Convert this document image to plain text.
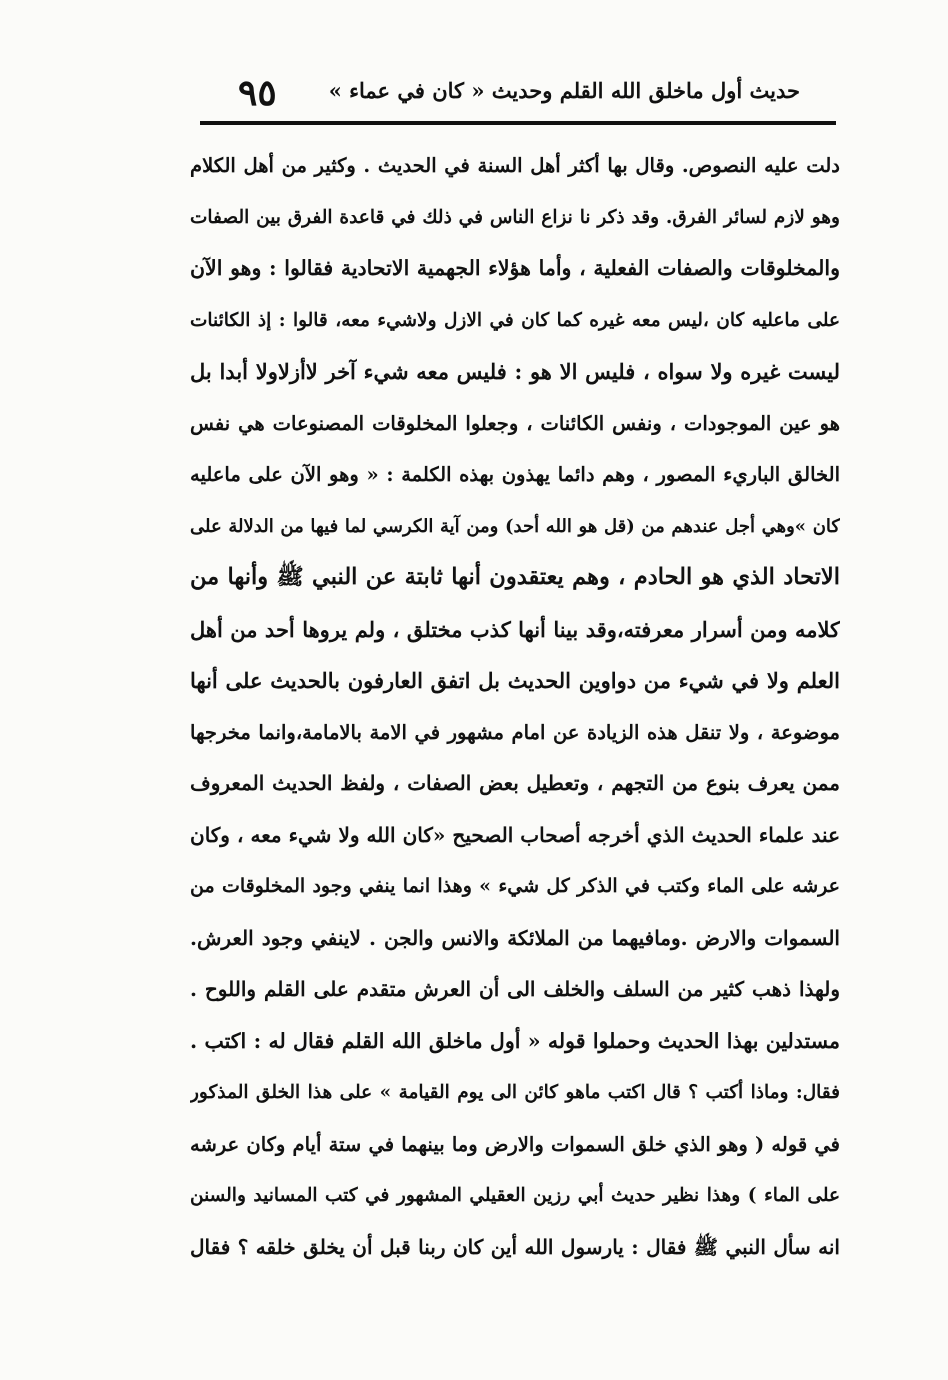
حديث أول ماخلق الله القلم وحديث « كان في عماء »
٩٥
دلت عليه النصوص. وقال بها أكثر أهل السنة في الحديث . وكثير من أهل الكلام
وهو لازم لسائر الفرق. وقد ذكر نا نزاع الناس في ذلك في قاعدة الفرق بين الصفات
والمخلوقات والصفات الفعلية ، وأما هؤلاء الجهمية الاتحادية فقالوا : وهو الآن
على ماعليه كان ،ليس معه غيره كما كان في الازل ولاشيء معه، قالوا : إذ الكائنات
ليست غيره ولا سواه ، فليس الا هو : فليس معه شيء آخر لاأزلاولا أبدا بل
هو عين الموجودات ، ونفس الكائنات ، وجعلوا المخلوقات المصنوعات هي نفس
الخالق الباريء المصور ، وهم دائما يهذون بهذه الكلمة : « وهو الآن على ماعليه
كان »وهي أجل عندهم من (قل هو الله أحد) ومن آية الكرسي لما فيها من الدلالة على
الاتحاد الذي هو الحادم ، وهم يعتقدون أنها ثابتة عن النبي ﷺ وأنها من
كلامه ومن أسرار معرفته،وقد بينا أنها كذب مختلق ، ولم يروها أحد من أهل
العلم ولا في شيء من دواوين الحديث بل اتفق العارفون بالحديث على أنها
موضوعة ، ولا تنقل هذه الزيادة عن امام مشهور في الامة بالامامة،وانما مخرجها
ممن يعرف بنوع من التجهم ، وتعطيل بعض الصفات ، ولفظ الحديث المعروف
عند علماء الحديث الذي أخرجه أصحاب الصحيح «كان الله ولا شيء معه ، وكان
عرشه على الماء وكتب في الذكر كل شيء » وهذا انما ينفي وجود المخلوقات من
السموات والارض .ومافيهما من الملائكة والانس والجن . لاينفي وجود العرش.
ولهذا ذهب كثير من السلف والخلف الى أن العرش متقدم على القلم واللوح .
مستدلين بهذا الحديث وحملوا قوله « أول ماخلق الله القلم فقال له : اكتب .
فقال: وماذا أكتب ؟ قال اكتب ماهو كائن الى يوم القيامة » على هذا الخلق المذكور
في قوله ( وهو الذي خلق السموات والارض وما بينهما في ستة أيام وكان عرشه
على الماء ) وهذا نظير حديث أبي رزين العقيلي المشهور في كتب المسانيد والسنن
انه سأل النبي ﷺ فقال : يارسول الله أين كان ربنا قبل أن يخلق خلقه ؟ فقال
